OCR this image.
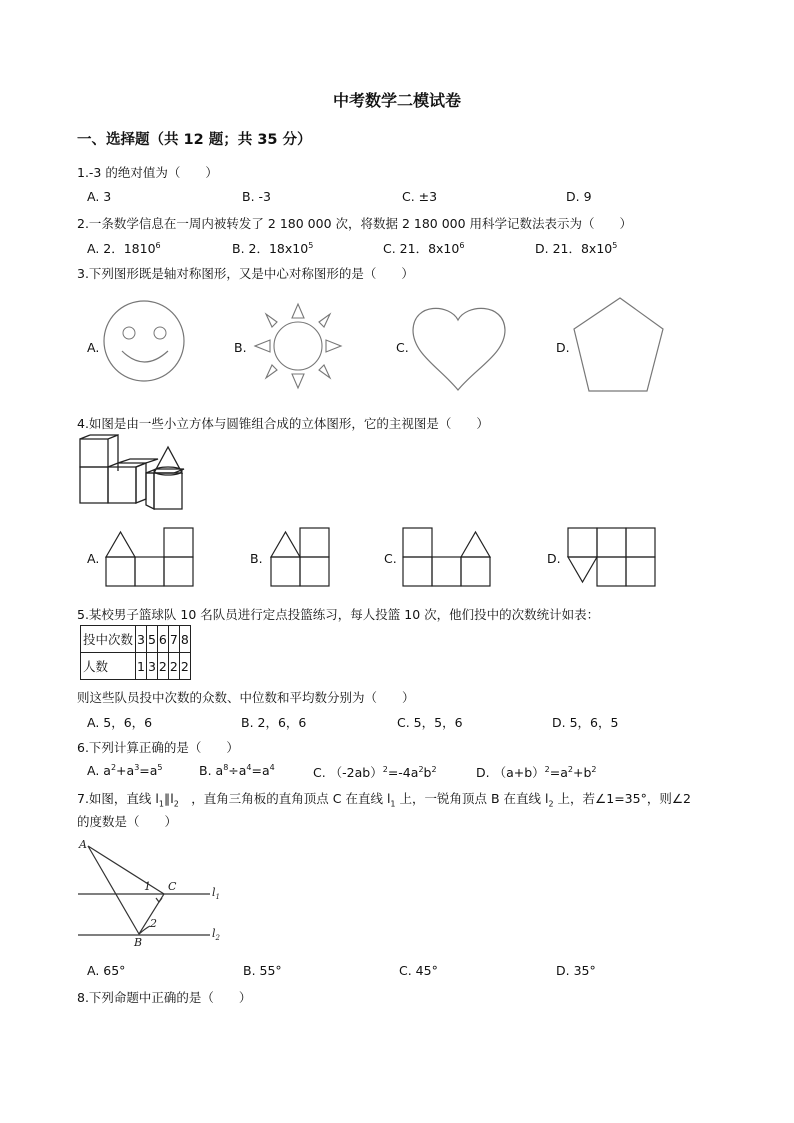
中考数学二模试卷
一、选择题（共 12 题；共 35 分）
1.-3 的绝对值为（　　）
A. 3	B. -3	C. ±3	D. 9
2.一条数学信息在一周内被转发了 2 180 000 次，将数据 2 180 000 用科学记数法表示为（　　）
A. 2．1810$^6$	B. 2．$18x10^5$	C. 21．$8x10^6$	D. 21．$8x10^5$
3.下列图形既是轴对称图形，又是中心对称图形的是（　　）
A.	B.	C.	D.
4.如图是由一些小立方体与圆锥组合成的立体图形，它的主视图是（　　）
A.	B.	C.	D.
5.某校男子篮球队 10 名队员进行定点投篮练习，每人投篮 10 次，他们投中的次数统计如表：
投中次数	3	5	6	7	8
人数	1	3	2	2	2
则这些队员投中次数的众数、中位数和平均数分别为（　　）
A. 5，6，6	B. 2，6，6	C. 5，5，6	D. 5，6，5
6.下列计算正确的是（　　）
A. $a^2+a^3=a^5$	B. $a^8\div a^4=a^4$	C. $(-2ab)^2=-4a^2b^2$	D. $(a+b)^2=a^2+b^2$
7.如图，直线 $l_1\parallel l_2$　，直角三角板的直角顶点 C 在直线 $l_1$ 上，一锐角顶点 B 在直线 $l_2$ 上，若∠1=35°，则∠2
的度数是（　　）
A
B
C
1
2
$l_1$
$l_2$
A. 65°	B. 55°	C. 45°	D. 35°
8.下列命题中正确的是（　　）
